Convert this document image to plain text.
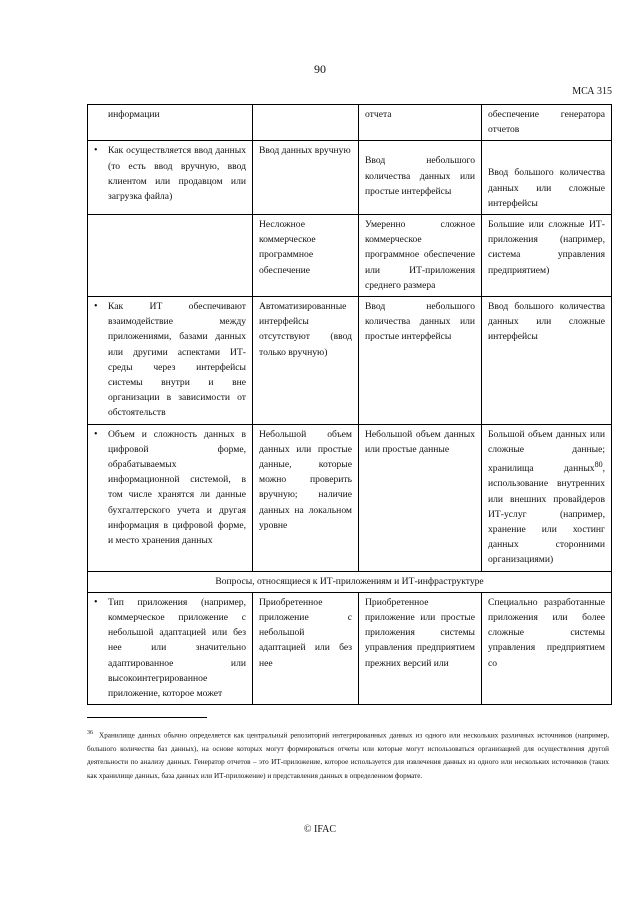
90
МСА 315
информации		отчета	обеспечение генератора отчетов

• Как осуществляется ввод данных (то есть ввод вручную, ввод клиентом или продавцом или загрузка файла)	Ввод данных вручную	Ввод небольшого количества данных или простые интерфейсы	Ввод большого количества данных или сложные интерфейсы
	Несложное коммерческое программное обеспечение	Умеренно сложное коммерческое программное обеспечение или ИТ-приложения среднего размера	Большие или сложные ИТ-приложения (например, система управления предприятием)

• Как ИТ обеспечивают взаимодействие между приложениями, базами данных или другими аспектами ИТ-среды через интерфейсы системы внутри и вне организации в зависимости от обстоятельств	Автоматизированные интерфейсы отсутствуют (ввод только вручную)	Ввод небольшого количества данных или простые интерфейсы	Ввод большого количества данных или сложные интерфейсы

• Объем и сложность данных в цифровой форме, обрабатываемых информационной системой, в том числе хранятся ли данные бухгалтерского учета и другая информация в цифровой форме, и место хранения данных	Небольшой объем данных или простые данные, которые можно проверить вручную; наличие данных на локальном уровне	Небольшой объем данных или простые данные	Большой объем данных или сложные данные; хранилища данных$^{80}$, использование внутренних или внешних провайдеров ИТ-услуг (например, хранение или хостинг данных сторонними организациями)
Вопросы, относящиеся к ИТ-приложениям и ИТ-инфраструктуре			

• Тип приложения (например, коммерческое приложение с небольшой адаптацией или без нее или значительно адаптированное или высокоинтегрированное приложение, которое может	Приобретенное приложение с небольшой адаптацией или без нее	Приобретенное приложение или простые приложения системы управления предприятием прежних версий или	Специально разработанные приложения или более сложные системы управления предприятием со
$^{36}$ Хранилище данных обычно определяется как центральный репозиторий интегрированных данных из одного или нескольких различных источников (например, большого количества баз данных), на основе которых могут формироваться отчеты или которые могут использоваться организацией для осуществления другой деятельности по анализу данных. Генератор отчетов – это ИТ-приложение, которое используется для извлечения данных из одного или нескольких источников (таких как хранилище данных, база данных или ИТ-приложение) и представления данных в определенном формате.
© IFAC
